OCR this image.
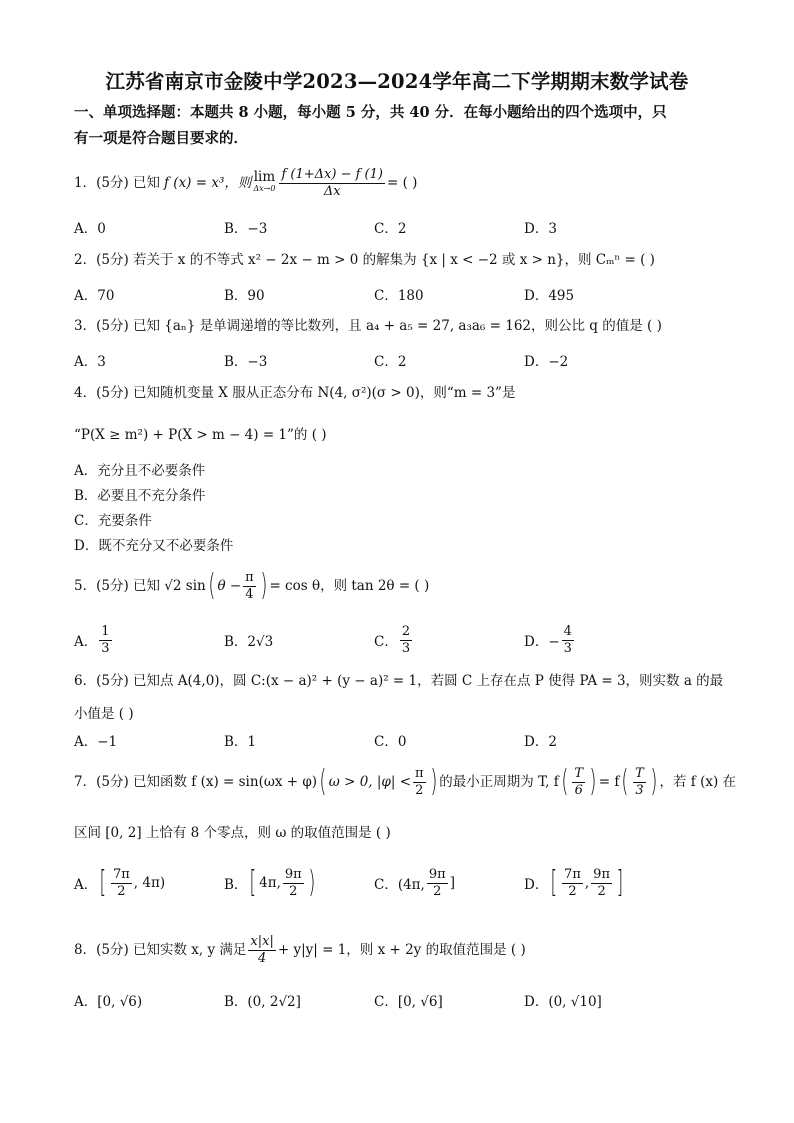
江苏省南京市金陵中学2023—2024学年高二下学期期末数学试卷
一、单项选择题：本题共 8 小题，每小题 5 分，共 40 分．在每小题给出的四个选项中，只
有一项是符合题目要求的．
1．(5分) 已知 f (x) = x³，则 lim
$\Delta x\to 0 \frac{f (1+\Delta x) - f (1)}{\Delta x}$ = ( )
A．0	B．−3	C．2	D．3
2．(5分) 若关于 x 的不等式 x² − 2x − m > 0 的解集为 {x | x < −2 或 x > n}，则 Cₘⁿ = ( )
A．70	B．90	C．180	D．495
3．(5分) 已知 {aₙ} 是单调递增的等比数列，且 a₄ + a₅ = 27, a₃a₆ = 162，则公比 q 的值是 ( )
A．3	B．−3	C．2	D．−2
4．(5分) 已知随机变量 X 服从正态分布 N(4, σ²)(σ > 0)，则“m = 3”是
“P(X ≥ m²) + P(X > m − 4) = 1”的 ( )
A．充分且不必要条件
B．必要且不充分条件
C．充要条件
D．既不充分又不必要条件
5．(5分) 已知 √2 sin ( $\theta - \frac{\pi}{4}$ ) = cos θ，则 tan 2θ = ( )
A． $\frac{1}{3}$	B．2√3	C． $\frac{2}{3}$	D．− $\frac{4}{3}$
6．(5分) 已知点 A(4,0)，圆 C:(x − a)² + (y − a)² = 1，若圆 C 上存在点 P 使得 PA = 3，则实数 a 的最
小值是 ( )
A．−1	B．1	C．0	D．2
7．(5分) 已知函数 f (x) = sin(ωx + φ) ( ω > 0, $|\varphi| < \frac{\pi}{2}$ ) 的最小正周期为 T, f ( $\frac{T}{6}$ ) = f ( $\frac{T}{3}$ ) ，若 f (x) 在
区间 [0, 2] 上恰有 8 个零点，则 ω 的取值范围是 ( )
A． [ $\frac{7\pi}{2}$ , 4π)	B． [ 4π, $\frac{9\pi}{2}$ )	C．(4π, $\frac{9\pi}{2}$ ]	D． [ $\frac{7\pi}{2}$ , $\frac{9\pi}{2}$ ]
8．(5分) 已知实数 x, y 满足 $\frac{x|x|}{4} + y|y| = 1$，则 x + 2y 的取值范围是 ( )
A．[0, √6)	B．(0, 2√2]	C．[0, √6]	D．(0, √10]
